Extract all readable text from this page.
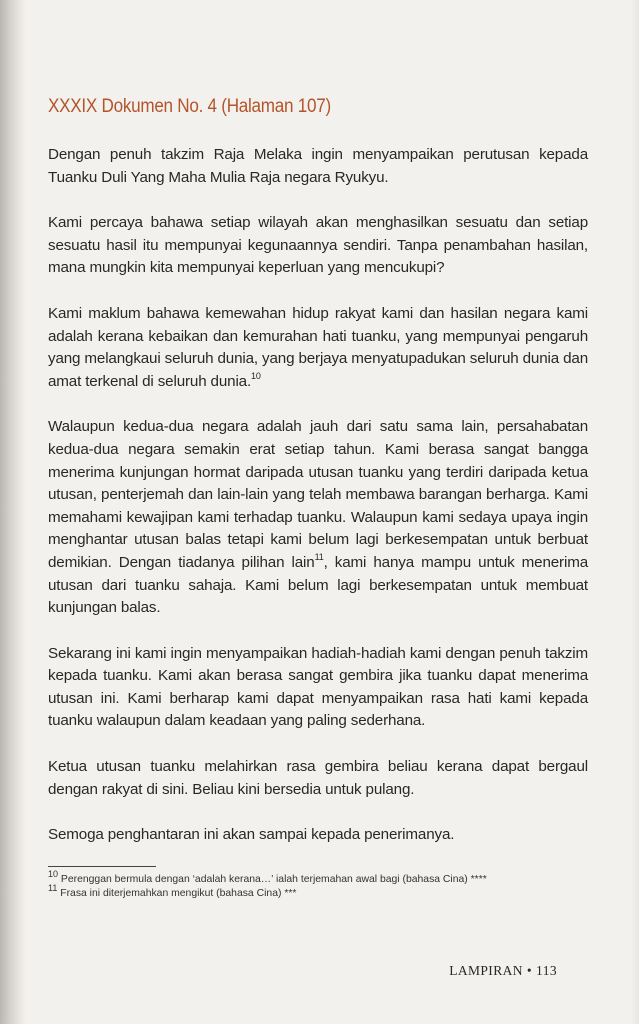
XXXIX Dokumen No. 4 (Halaman 107)

Dengan penuh takzim Raja Melaka ingin menyampaikan perutusan kepada Tuanku Duli Yang Maha Mulia Raja negara Ryukyu.

Kami percaya bahawa setiap wilayah akan menghasilkan sesuatu dan setiap sesuatu hasil itu mempunyai kegunaannya sendiri. Tanpa penambahan hasilan, mana mungkin kita mempunyai keperluan yang mencukupi?

Kami maklum bahawa kemewahan hidup rakyat kami dan hasilan negara kami adalah kerana kebaikan dan kemurahan hati tuanku, yang mempunyai pengaruh yang melangkaui seluruh dunia, yang berjaya menyatupadukan seluruh dunia dan amat terkenal di seluruh dunia.$^{10}$

Walaupun kedua-dua negara adalah jauh dari satu sama lain, persahabatan kedua-dua negara semakin erat setiap tahun. Kami berasa sangat bangga menerima kunjungan hormat daripada utusan tuanku yang terdiri daripada ketua utusan, penterjemah dan lain-lain yang telah membawa barangan berharga. Kami memahami kewajipan kami terhadap tuanku. Walaupun kami sedaya upaya ingin menghantar utusan balas tetapi kami belum lagi berkesempatan untuk berbuat demikian. Dengan tiadanya pilihan lain$^{11}$, kami hanya mampu untuk menerima utusan dari tuanku sahaja. Kami belum lagi berkesempatan untuk membuat kunjungan balas.

Sekarang ini kami ingin menyampaikan hadiah-hadiah kami dengan penuh takzim kepada tuanku. Kami akan berasa sangat gembira jika tuanku dapat menerima utusan ini. Kami berharap kami dapat menyampaikan rasa hati kami kepada tuanku walaupun dalam keadaan yang paling sederhana.

Ketua utusan tuanku melahirkan rasa gembira beliau kerana dapat bergaul dengan rakyat di sini. Beliau kini bersedia untuk pulang.

Semoga penghantaran ini akan sampai kepada penerimanya.

$^{10}$ Perenggan bermula dengan ‘adalah kerana…’ ialah terjemahan awal bagi (bahasa Cina) ****
$^{11}$ Frasa ini diterjemahkan mengikut (bahasa Cina) ***
LAMPIRAN • 113
